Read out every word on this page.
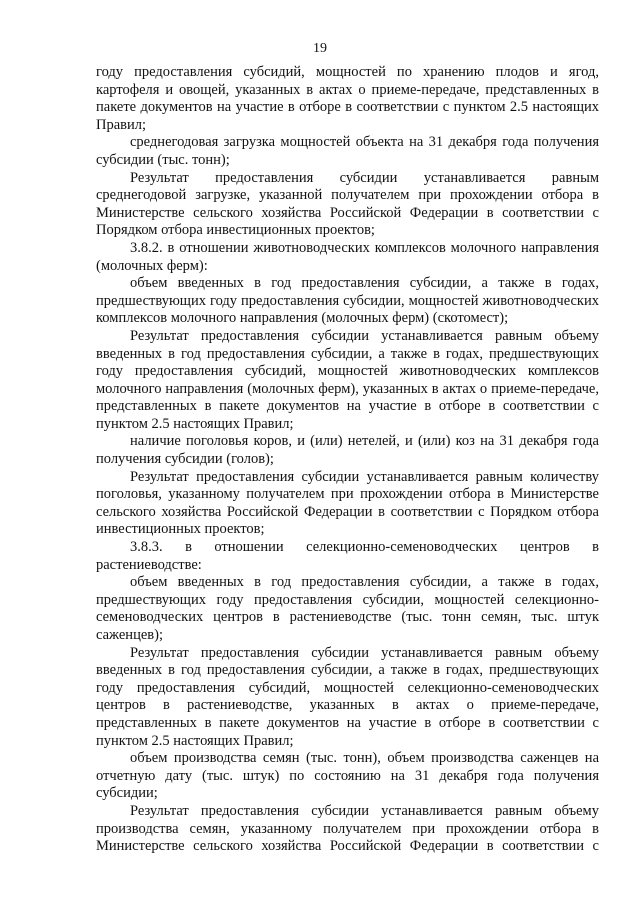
19

году предоставления субсидий, мощностей по хранению плодов и ягод, картофеля и овощей, указанных в актах о приеме-передаче, представленных в пакете документов на участие в отборе в соответствии с пунктом 2.5 настоящих Правил;

среднегодовая загрузка мощностей объекта на 31 декабря года получения субсидии (тыс. тонн);

Результат предоставления субсидии устанавливается равным среднегодовой загрузке, указанной получателем при прохождении отбора в Министерстве сельского хозяйства Российской Федерации в соответствии с Порядком отбора инвестиционных проектов;

3.8.2. в отношении животноводческих комплексов молочного направления (молочных ферм):

объем введенных в год предоставления субсидии, а также в годах, предшествующих году предоставления субсидии, мощностей животноводческих комплексов молочного направления (молочных ферм) (скотомест);

Результат предоставления субсидии устанавливается равным объему введенных в год предоставления субсидии, а также в годах, предшествующих году предоставления субсидий, мощностей животноводческих комплексов молочного направления (молочных ферм), указанных в актах о приеме-передаче, представленных в пакете документов на участие в отборе в соответствии с пунктом 2.5 настоящих Правил;

наличие поголовья коров, и (или) нетелей, и (или) коз на 31 декабря года получения субсидии (голов);

Результат предоставления субсидии устанавливается равным количеству поголовья, указанному получателем при прохождении отбора в Министерстве сельского хозяйства Российской Федерации в соответствии с Порядком отбора инвестиционных проектов;

3.8.3. в отношении селекционно-семеноводческих центров в растениеводстве:

объем введенных в год предоставления субсидии, а также в годах, предшествующих году предоставления субсидии, мощностей селекционно-семеноводческих центров в растениеводстве (тыс. тонн семян, тыс. штук саженцев);

Результат предоставления субсидии устанавливается равным объему введенных в год предоставления субсидии, а также в годах, предшествующих году предоставления субсидий, мощностей селекционно-семеноводческих центров в растениеводстве, указанных в актах о приеме-передаче, представленных в пакете документов на участие в отборе в соответствии с пунктом 2.5 настоящих Правил;

объем производства семян (тыс. тонн), объем производства саженцев на отчетную дату (тыс. штук) по состоянию на 31 декабря года получения субсидии;

Результат предоставления субсидии устанавливается равным объему производства семян, указанному получателем при прохождении отбора в Министерстве сельского хозяйства Российской Федерации в соответствии с
